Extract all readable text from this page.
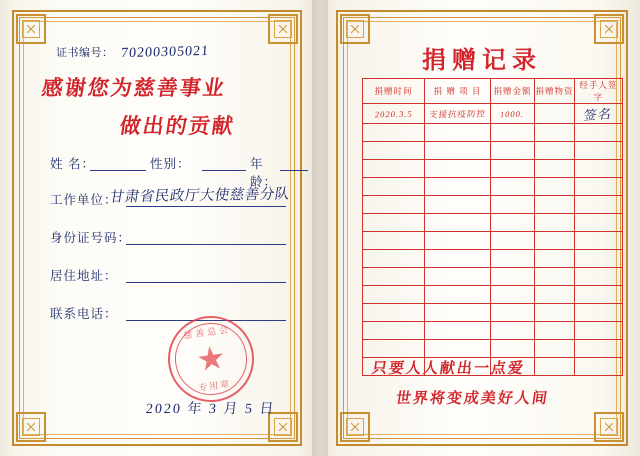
证书编号： 70200305021
感谢您为慈善事业
做出的贡献
姓 名：	性别：	年龄：
工作单位：
甘肃省民政厅大使慈善分队
身份证号码：
居住地址：
联系电话：
慈善总会
专用章
2020 年 3 月 5 日
捐赠记录
捐赠时间	捐 赠 项 目	捐赠金额	捐赠物资	经手人签字
2020.3.5	支援抗疫防控	1000.		签名

只要人人献出一点爱
世界将变成美好人间
